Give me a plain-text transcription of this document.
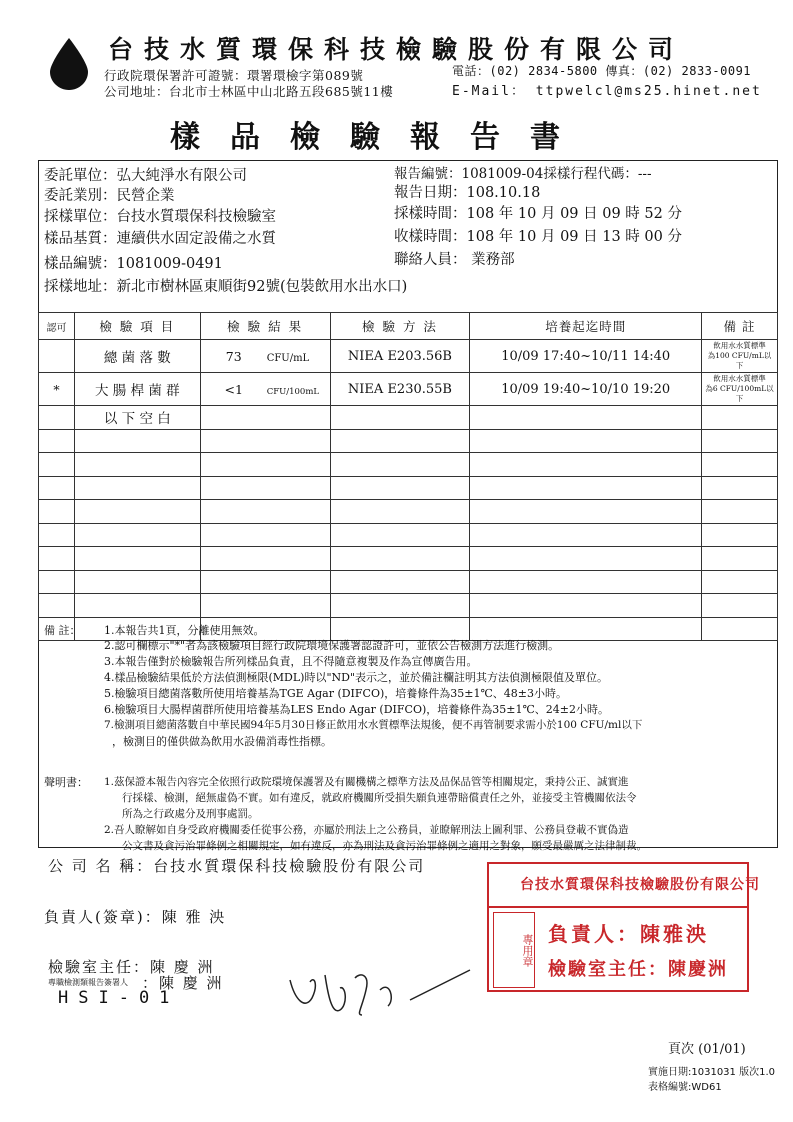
台技水質環保科技檢驗股份有限公司
行政院環保署許可證號：環署環檢字第089號	電話：(02) 2834-5800 傳真：(02) 2833-0091
公司地址：台北市士林區中山北路五段685號11樓	E-Mail： ttpwelcl@ms25.hinet.net
樣品檢驗報告書
委託單位：弘大純淨水有限公司
委託業別：民營企業
採樣單位：台技水質環保科技檢驗室
樣品基質：連續供水固定設備之水質
樣品編號：1081009-0491
採樣地址：新北市樹林區東順街92號(包裝飲用水出水口)
報告編號：1081009-04採樣行程代碼：---
報告日期：108.10.18
採樣時間：108 年 10 月 09 日 09 時 52 分
收樣時間：108 年 10 月 09 日 13 時 00 分
聯絡人員： 業務部
認可	檢 驗 項 目	檢 驗 結 果	檢 驗 方 法	培養起迄時間	備 註
	總 菌 落 數	73 CFU/mL	NIEA E203.56B	10/09 17:40~10/11 14:40	飲用水水質標準
為100 CFU/mL以下

*	大 腸 桿 菌 群	<1 CFU/100mL	NIEA E230.55B	10/09 19:40~10/10 19:20	飲用水水質標準
為6 CFU/100mL以下

	以 下 空 白				

備 註： 1.本報告共1頁，分離使用無效。
2.認可欄標示"*"者為該檢驗項目經行政院環境保護署認證許可，並依公告檢測方法進行檢測。
3.本報告僅對於檢驗報告所列樣品負責，且不得隨意複製及作為宣傳廣告用。
4.樣品檢驗結果低於方法偵測極限(MDL)時以"ND"表示之，並於備註欄註明其方法偵測極限值及單位。
5.檢驗項目總菌落數所使用培養基為TGE Agar (DIFCO)，培養條件為35±1℃、48±3小時。
6.檢驗項目大腸桿菌群所使用培養基為LES Endo Agar (DIFCO)，培養條件為35±1℃、24±2小時。
7.檢測項目總菌落數自中華民國94年5月30日修正飲用水水質標準法規後，便不再管制要求需小於100 CFU/ml以下
，檢測目的僅供做為飲用水設備消毒性指標。
聲明書： 1.茲保證本報告內容完全依照行政院環境保護署及有關機構之標準方法及品保品管等相關規定，秉持公正、誠實進
行採樣、檢測，絕無虛偽不實。如有違反，就政府機關所受損失願負連帶賠償責任之外，並接受主管機關依法令
所為之行政處分及刑事處罰。
2.吾人瞭解如自身受政府機關委任從事公務，亦屬於刑法上之公務員，並瞭解刑法上圖利罪、公務員登載不實偽造
公文書及貪污治罪條例之相關規定，如有違反，亦為刑法及貪污治罪條例之適用之對象，願受最嚴厲之法律制裁。
公 司 名 稱：台技水質環保科技檢驗股份有限公司
負責人(簽章)：陳 雅 泱
檢驗室主任：陳 慶 洲
專職檢測類報告簽署人 ：陳 慶 洲
HSI-01
台技水質環保科技檢驗股份有限公司
專用章 負責人：陳雅泱
檢驗室主任：陳慶洲
頁次 (01/01)
實施日期:1031031 版次1.0
表格編號:WD61
